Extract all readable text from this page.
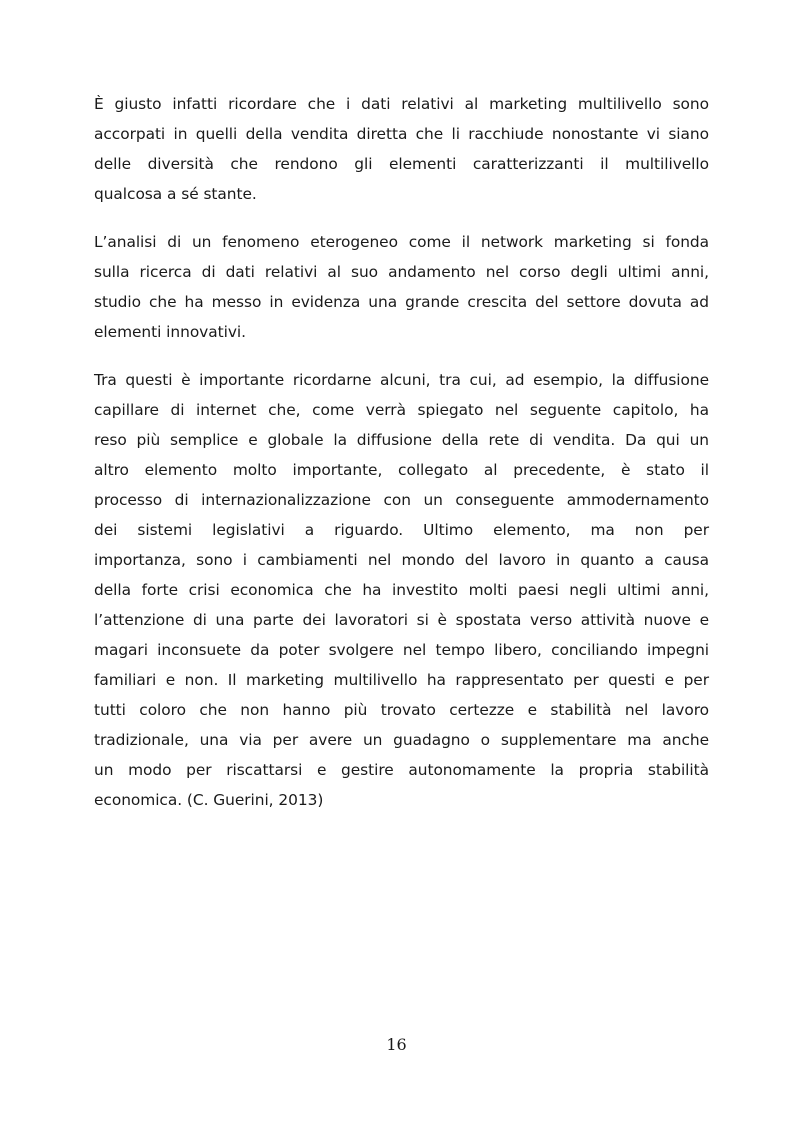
È giusto infatti ricordare che i dati relativi al marketing multilivello sono
accorpati in quelli della vendita diretta che li racchiude nonostante vi siano
delle diversità che rendono gli elementi caratterizzanti il multilivello
qualcosa a sé stante.

L’analisi di un fenomeno eterogeneo come il network marketing si fonda
sulla ricerca di dati relativi al suo andamento nel corso degli ultimi anni,
studio che ha messo in evidenza una grande crescita del settore dovuta ad
elementi innovativi.

Tra questi è importante ricordarne alcuni, tra cui, ad esempio, la diffusione
capillare di internet che, come verrà spiegato nel seguente capitolo, ha
reso più semplice e globale la diffusione della rete di vendita. Da qui un
altro elemento molto importante, collegato al precedente, è stato il
processo di internazionalizzazione con un conseguente ammodernamento
dei sistemi legislativi a riguardo. Ultimo elemento, ma non per
importanza, sono i cambiamenti nel mondo del lavoro in quanto a causa
della forte crisi economica che ha investito molti paesi negli ultimi anni,
l’attenzione di una parte dei lavoratori si è spostata verso attività nuove e
magari inconsuete da poter svolgere nel tempo libero, conciliando impegni
familiari e non. Il marketing multilivello ha rappresentato per questi e per
tutti coloro che non hanno più trovato certezze e stabilità nel lavoro
tradizionale, una via per avere un guadagno o supplementare ma anche
un modo per riscattarsi e gestire autonomamente la propria stabilità
economica. (C. Guerini, 2013)

16
